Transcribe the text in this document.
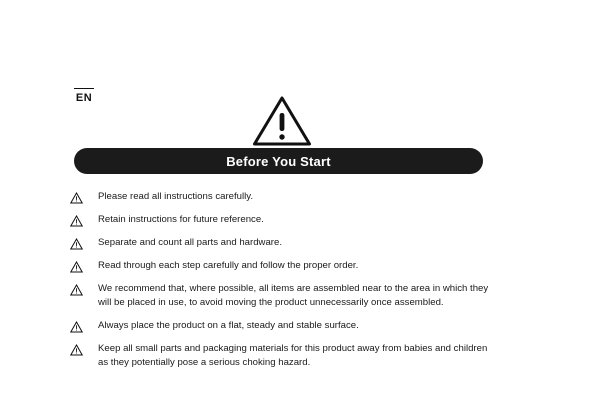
EN
Before You Start
Please read all instructions carefully.
Retain instructions for future reference.
Separate and count all parts and hardware.
Read through each step carefully and follow the proper order.
We recommend that, where possible, all items are assembled near to the area in which they will be placed in use, to avoid moving the product unnecessarily once assembled.
Always place the product on a flat, steady and stable surface.
Keep all small parts and packaging materials for this product away from babies and children as they potentially pose a serious choking hazard.
